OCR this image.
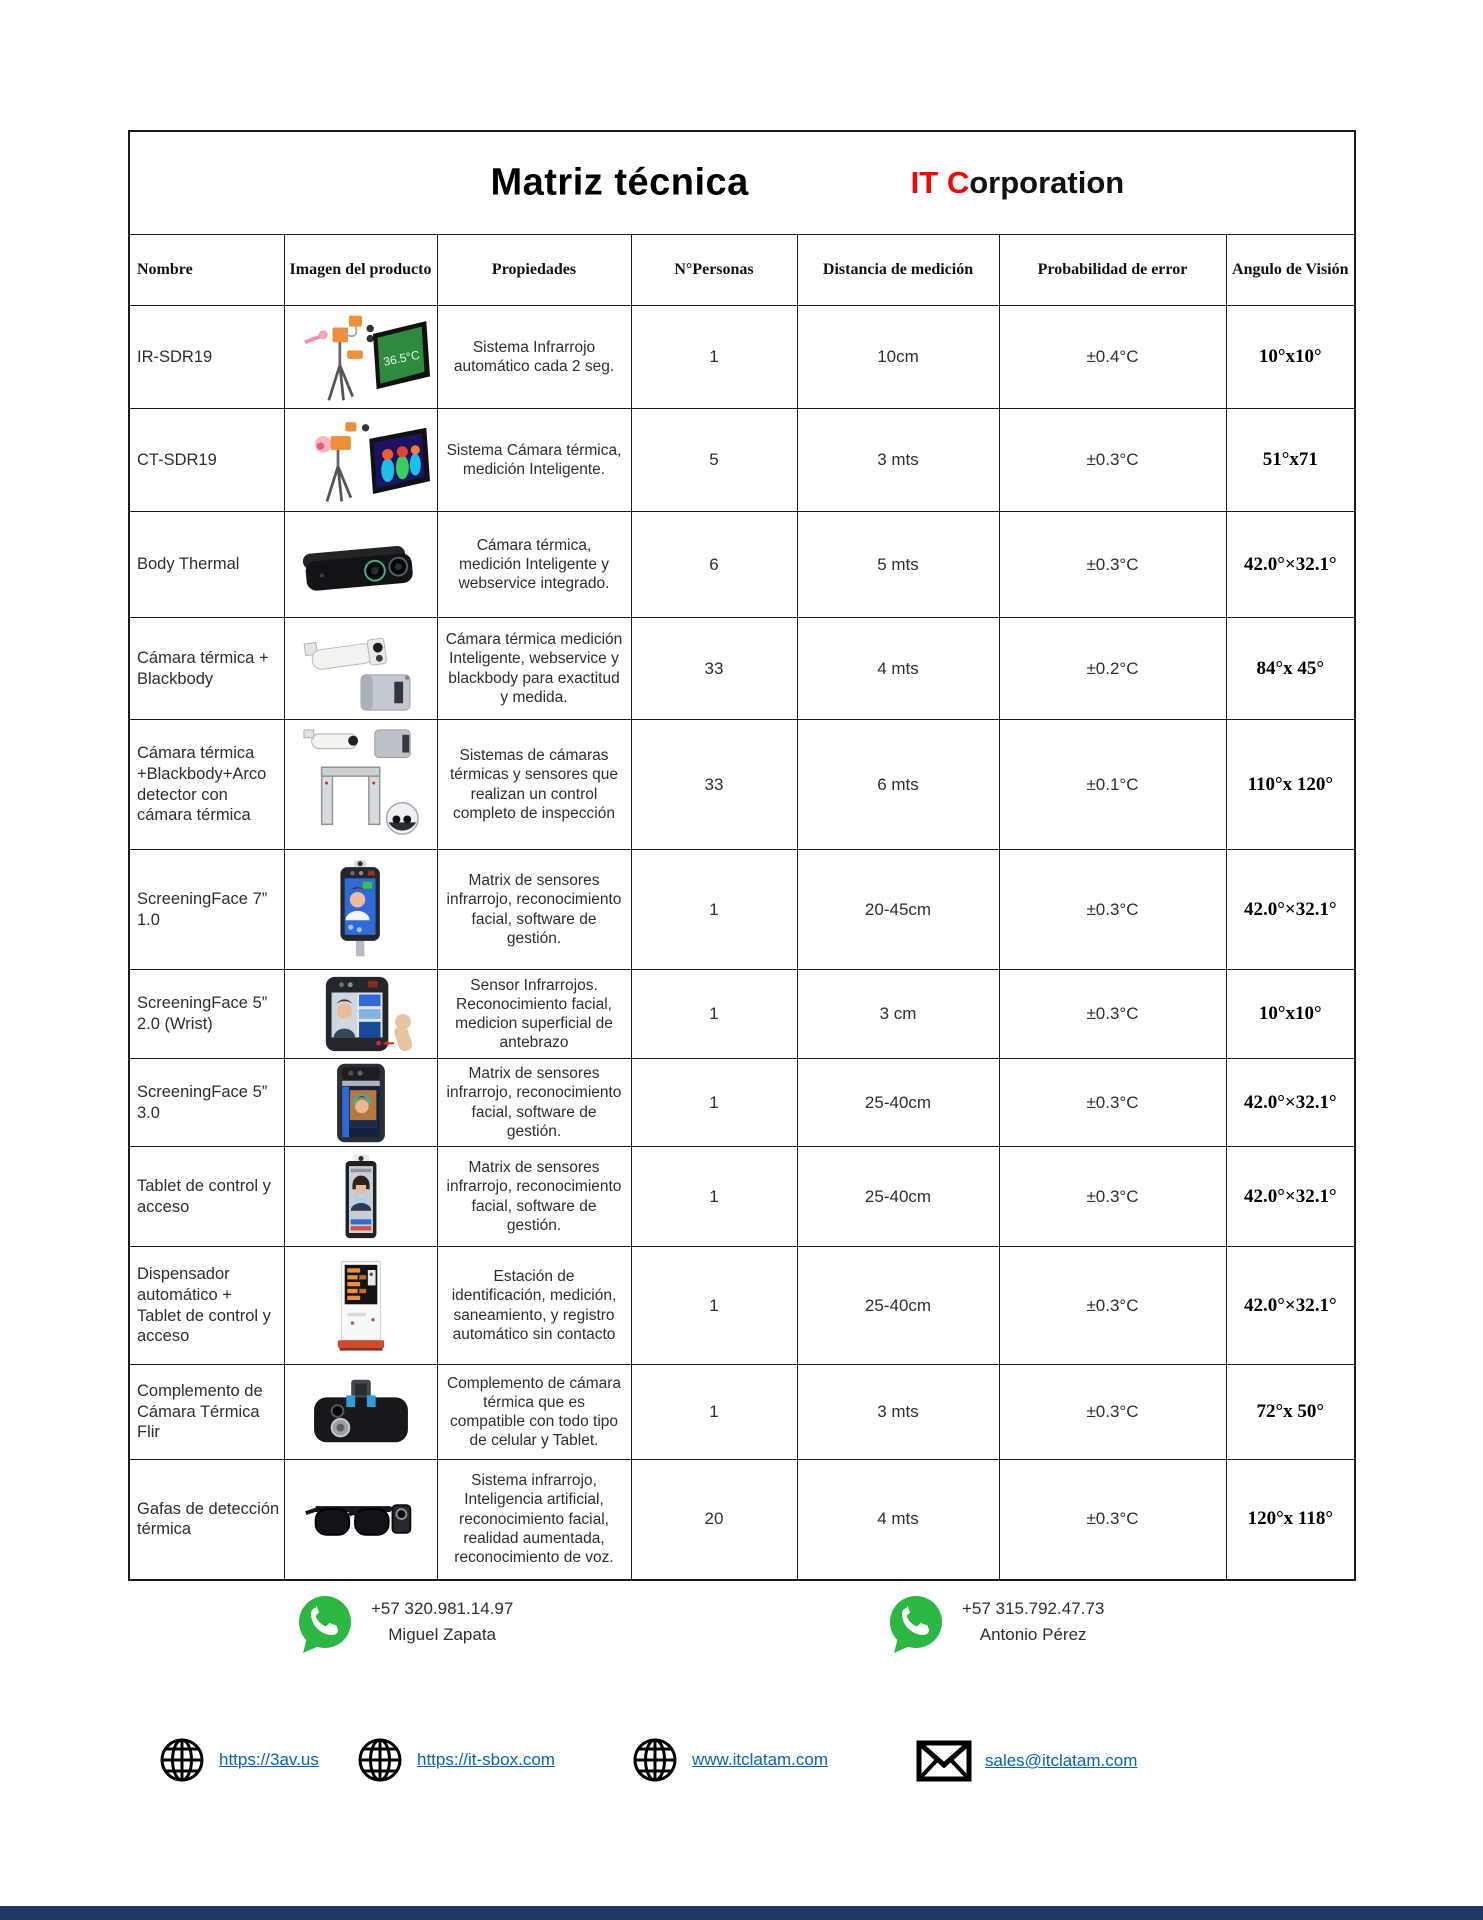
Matriz técnica IT Corporation						

Nombre	Imagen del producto	Propiedades	N°Personas	Distancia de medición	Probabilidad de error	Angulo de Visión
IR-SDR19	36.5°C	Sistema Infrarrojo automático cada 2 seg.	1	10cm	±0.4°C	10°x10°
CT-SDR19		Sistema Cámara térmica, medición Inteligente.	5	3 mts	±0.3°C	51°x71
Body Thermal		Cámara térmica, medición Inteligente y webservice integrado.	6	5 mts	±0.3°C	42.0°×32.1°
Cámara térmica + Blackbody		Cámara térmica medición Inteligente, webservice y blackbody para exactitud y medida.	33	4 mts	±0.2°C	84°x 45°
Cámara térmica +Blackbody+Arco detector con cámara térmica		Sistemas de cámaras térmicas y sensores que realizan un control completo de inspección	33	6 mts	±0.1°C	110°x 120°
ScreeningFace 7” 1.0		Matrix de sensores infrarrojo, reconocimiento facial, software de gestión.	1	20-45cm	±0.3°C	42.0°×32.1°
ScreeningFace 5” 2.0 (Wrist)		Sensor Infrarrojos. Reconocimiento facial, medicion superficial de antebrazo	1	3 cm	±0.3°C	10°x10°
ScreeningFace 5” 3.0		Matrix de sensores infrarrojo, reconocimiento facial, software de gestión.	1	25-40cm	±0.3°C	42.0°×32.1°
Tablet de control y acceso		Matrix de sensores infrarrojo, reconocimiento facial, software de gestión.	1	25-40cm	±0.3°C	42.0°×32.1°
Dispensador automático + Tablet de control y acceso		Estación de identificación, medición, saneamiento, y registro automático sin contacto	1	25-40cm	±0.3°C	42.0°×32.1°
Complemento de Cámara Térmica Flir		Complemento de cámara térmica que es compatible con todo tipo de celular y Tablet.	1	3 mts	±0.3°C	72°x 50°
Gafas de detección térmica		Sistema infrarrojo, Inteligencia artificial, reconocimiento facial, realidad aumentada, reconocimiento de voz.	20	4 mts	±0.3°C	120°x 118°
+57 320.981.14.97
Miguel Zapata
+57 315.792.47.73
Antonio Pérez
https://3av.us	https://it-sbox.com	www.itclatam.com	sales@itclatam.com
